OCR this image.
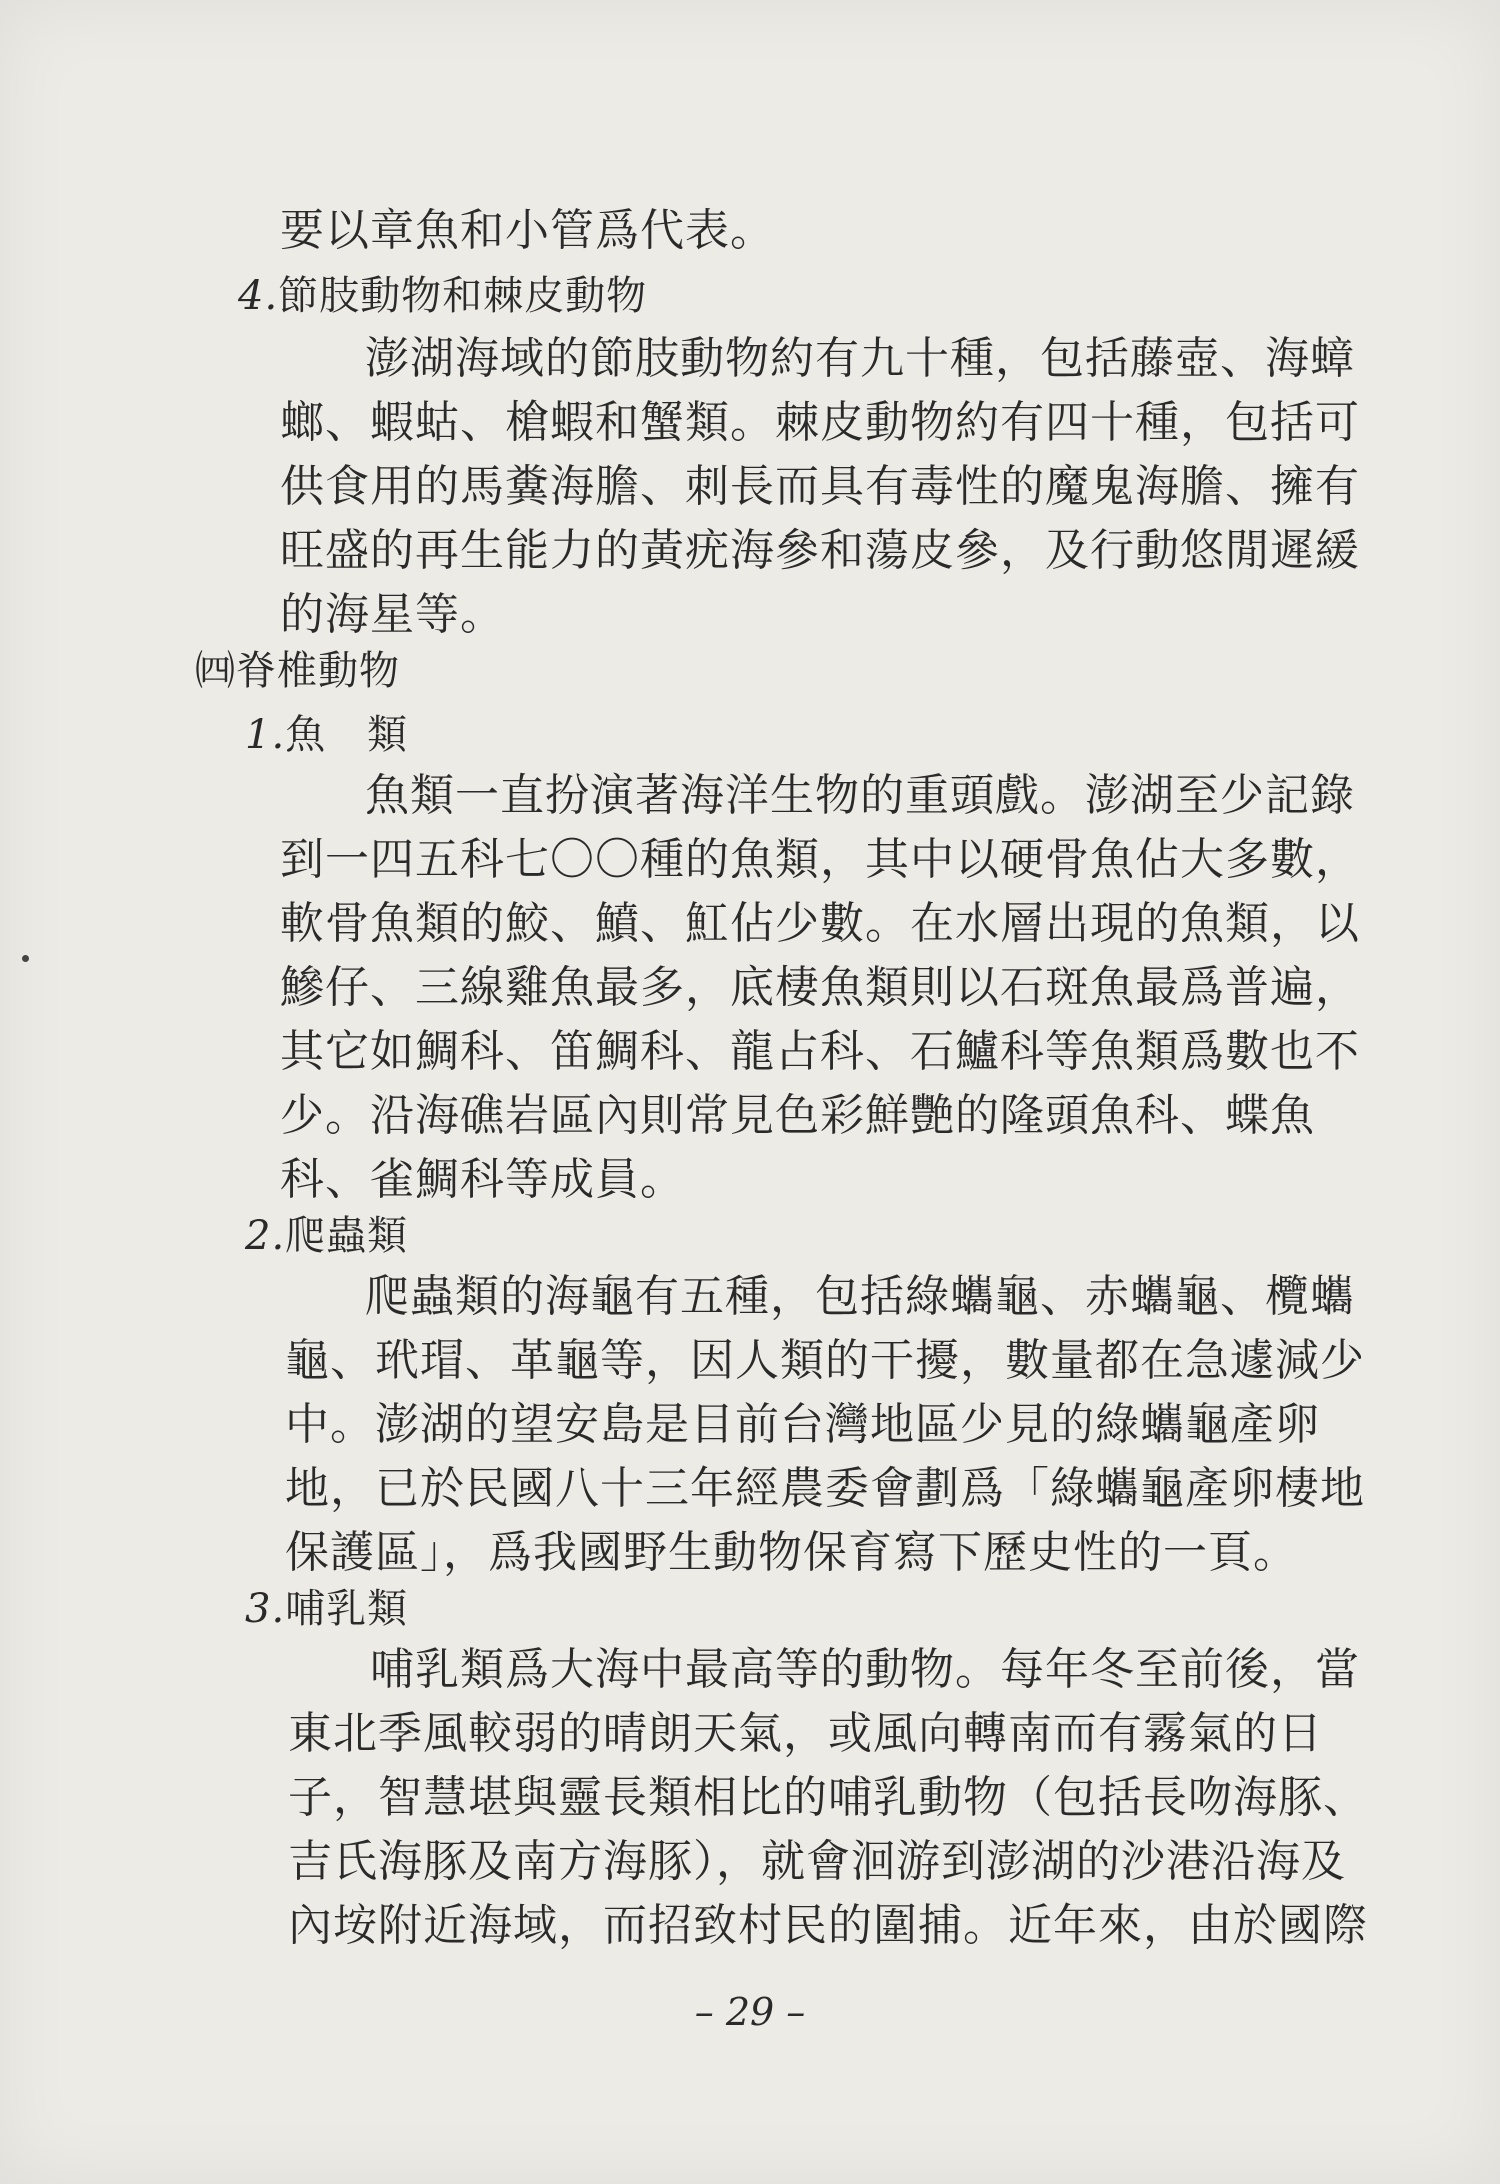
要以章魚和小管爲代表。
4.節肢動物和棘皮動物
澎湖海域的節肢動物約有九十種，包括藤壺、海蟑
螂、蝦蛄、槍蝦和蟹類。棘皮動物約有四十種，包括可
供食用的馬糞海膽、刺長而具有毒性的魔鬼海膽、擁有
旺盛的再生能力的黃疣海參和蕩皮參，及行動悠閒遲緩
的海星等。
㈣脊椎動物
1.魚　類
魚類一直扮演著海洋生物的重頭戲。澎湖至少記錄
到一四五科七〇〇種的魚類，其中以硬骨魚佔大多數，
軟骨魚類的鮫、鱝、魟佔少數。在水層出現的魚類，以
鰺仔、三線雞魚最多，底棲魚類則以石斑魚最爲普遍，
其它如鯛科、笛鯛科、龍占科、石鱸科等魚類爲數也不
少。沿海礁岩區內則常見色彩鮮艷的隆頭魚科、蝶魚
科、雀鯛科等成員。
2.爬蟲類
爬蟲類的海龜有五種，包括綠蠵龜、赤蠵龜、欖蠵
龜、玳瑁、革龜等，因人類的干擾，數量都在急遽減少
中。澎湖的望安島是目前台灣地區少見的綠蠵龜產卵
地，已於民國八十三年經農委會劃爲「綠蠵龜產卵棲地
保護區」，爲我國野生動物保育寫下歷史性的一頁。
3.哺乳類
哺乳類爲大海中最高等的動物。每年冬至前後，當
東北季風較弱的晴朗天氣，或風向轉南而有霧氣的日
子，智慧堪與靈長類相比的哺乳動物（包括長吻海豚、
吉氏海豚及南方海豚），就會洄游到澎湖的沙港沿海及
內垵附近海域，而招致村民的圍捕。近年來，由於國際
– 29 –
